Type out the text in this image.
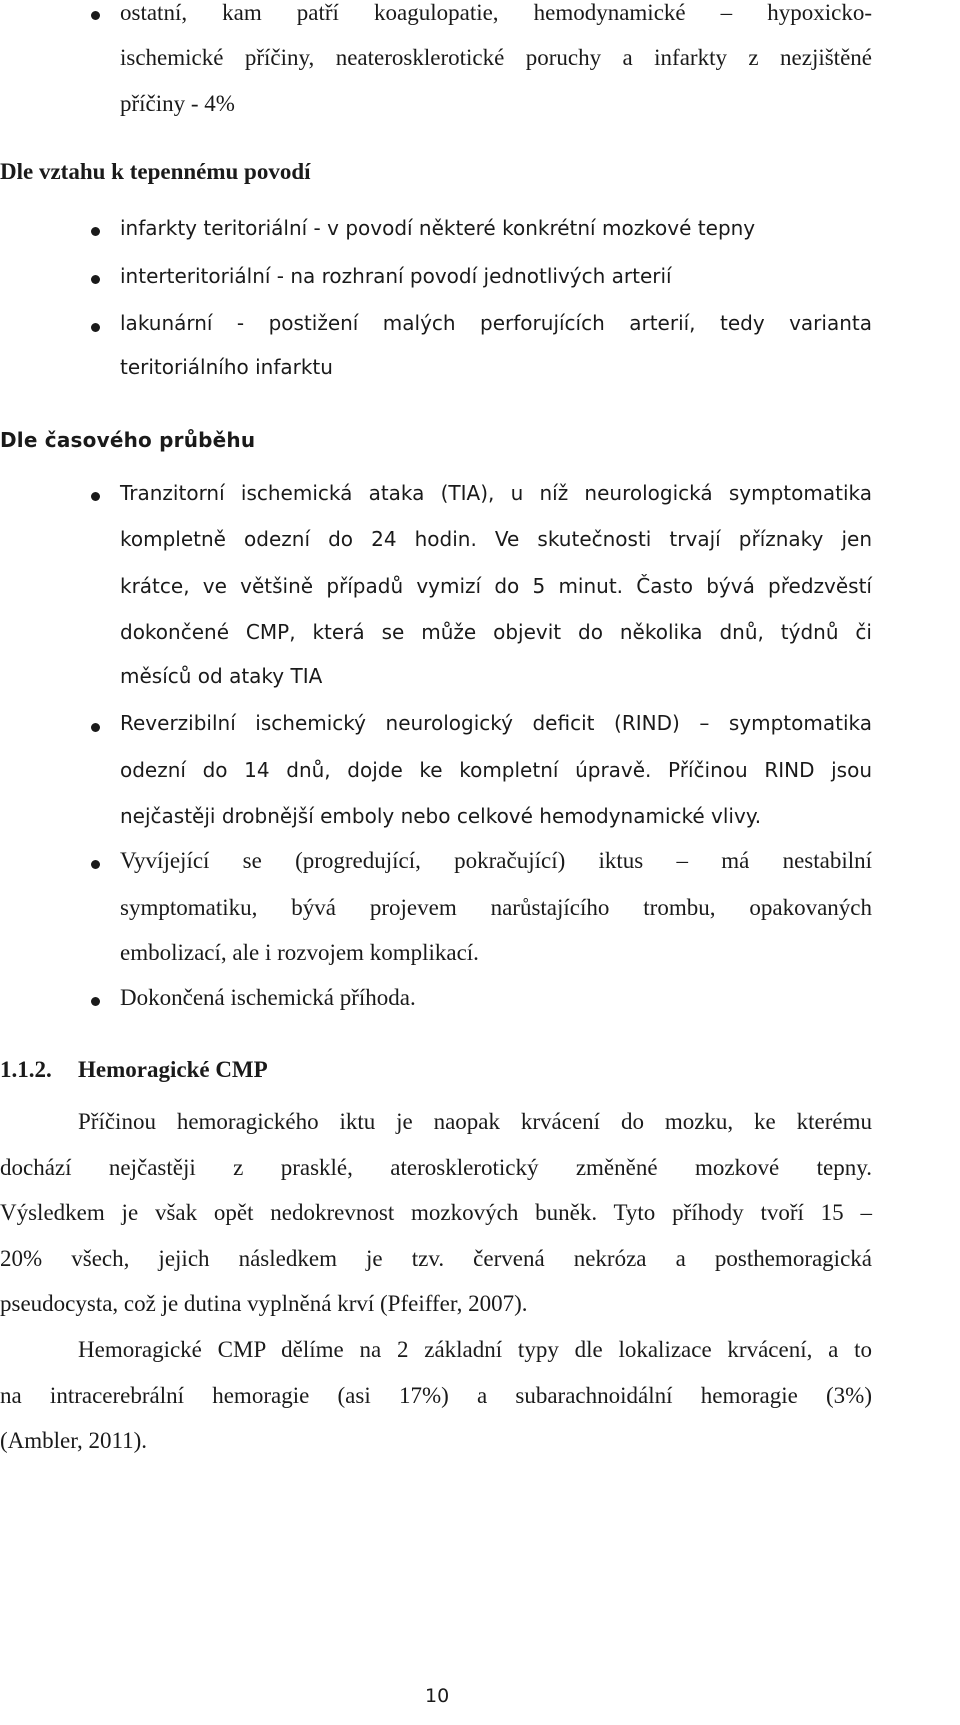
ostatní, kam patří koagulopatie, hemodynamické – hypoxicko-
ischemické příčiny, neaterosklerotické poruchy a infarkty z nezjištěné
příčiny - 4%
Dle vztahu k tepennému povodí
infarkty teritoriální - v povodí některé konkrétní mozkové tepny
interteritoriální - na rozhraní povodí jednotlivých arterií
lakunární - postižení malých perforujících arterií, tedy varianta
teritoriálního infarktu
Dle časového průběhu
Tranzitorní ischemická ataka (TIA), u níž neurologická symptomatika
kompletně odezní do 24 hodin. Ve skutečnosti trvají příznaky jen
krátce, ve většině případů vymizí do 5 minut. Často bývá předzvěstí
dokončené CMP, která se může objevit do několika dnů, týdnů či
měsíců od ataky TIA
Reverzibilní ischemický neurologický deficit (RIND) – symptomatika
odezní do 14 dnů, dojde ke kompletní úpravě. Příčinou RIND jsou
nejčastěji drobnější emboly nebo celkové hemodynamické vlivy.
Vyvíjející se (progredující, pokračující) iktus – má nestabilní
symptomatiku, bývá projevem narůstajícího trombu, opakovaných
embolizací, ale i rozvojem komplikací.
Dokončená ischemická příhoda.
1.1.2. Hemoragické CMP
Příčinou hemoragického iktu je naopak krvácení do mozku, ke kterému
dochází nejčastěji z prasklé, aterosklerotický změněné mozkové tepny.
Výsledkem je však opět nedokrevnost mozkových buněk. Tyto příhody tvoří 15 –
20% všech, jejich následkem je tzv. červená nekróza a posthemoragická
pseudocysta, což je dutina vyplněná krví (Pfeiffer, 2007).
Hemoragické CMP dělíme na 2 základní typy dle lokalizace krvácení, a to
na intracerebrální hemoragie (asi 17%) a subarachnoidální hemoragie (3%)
(Ambler, 2011).
10
